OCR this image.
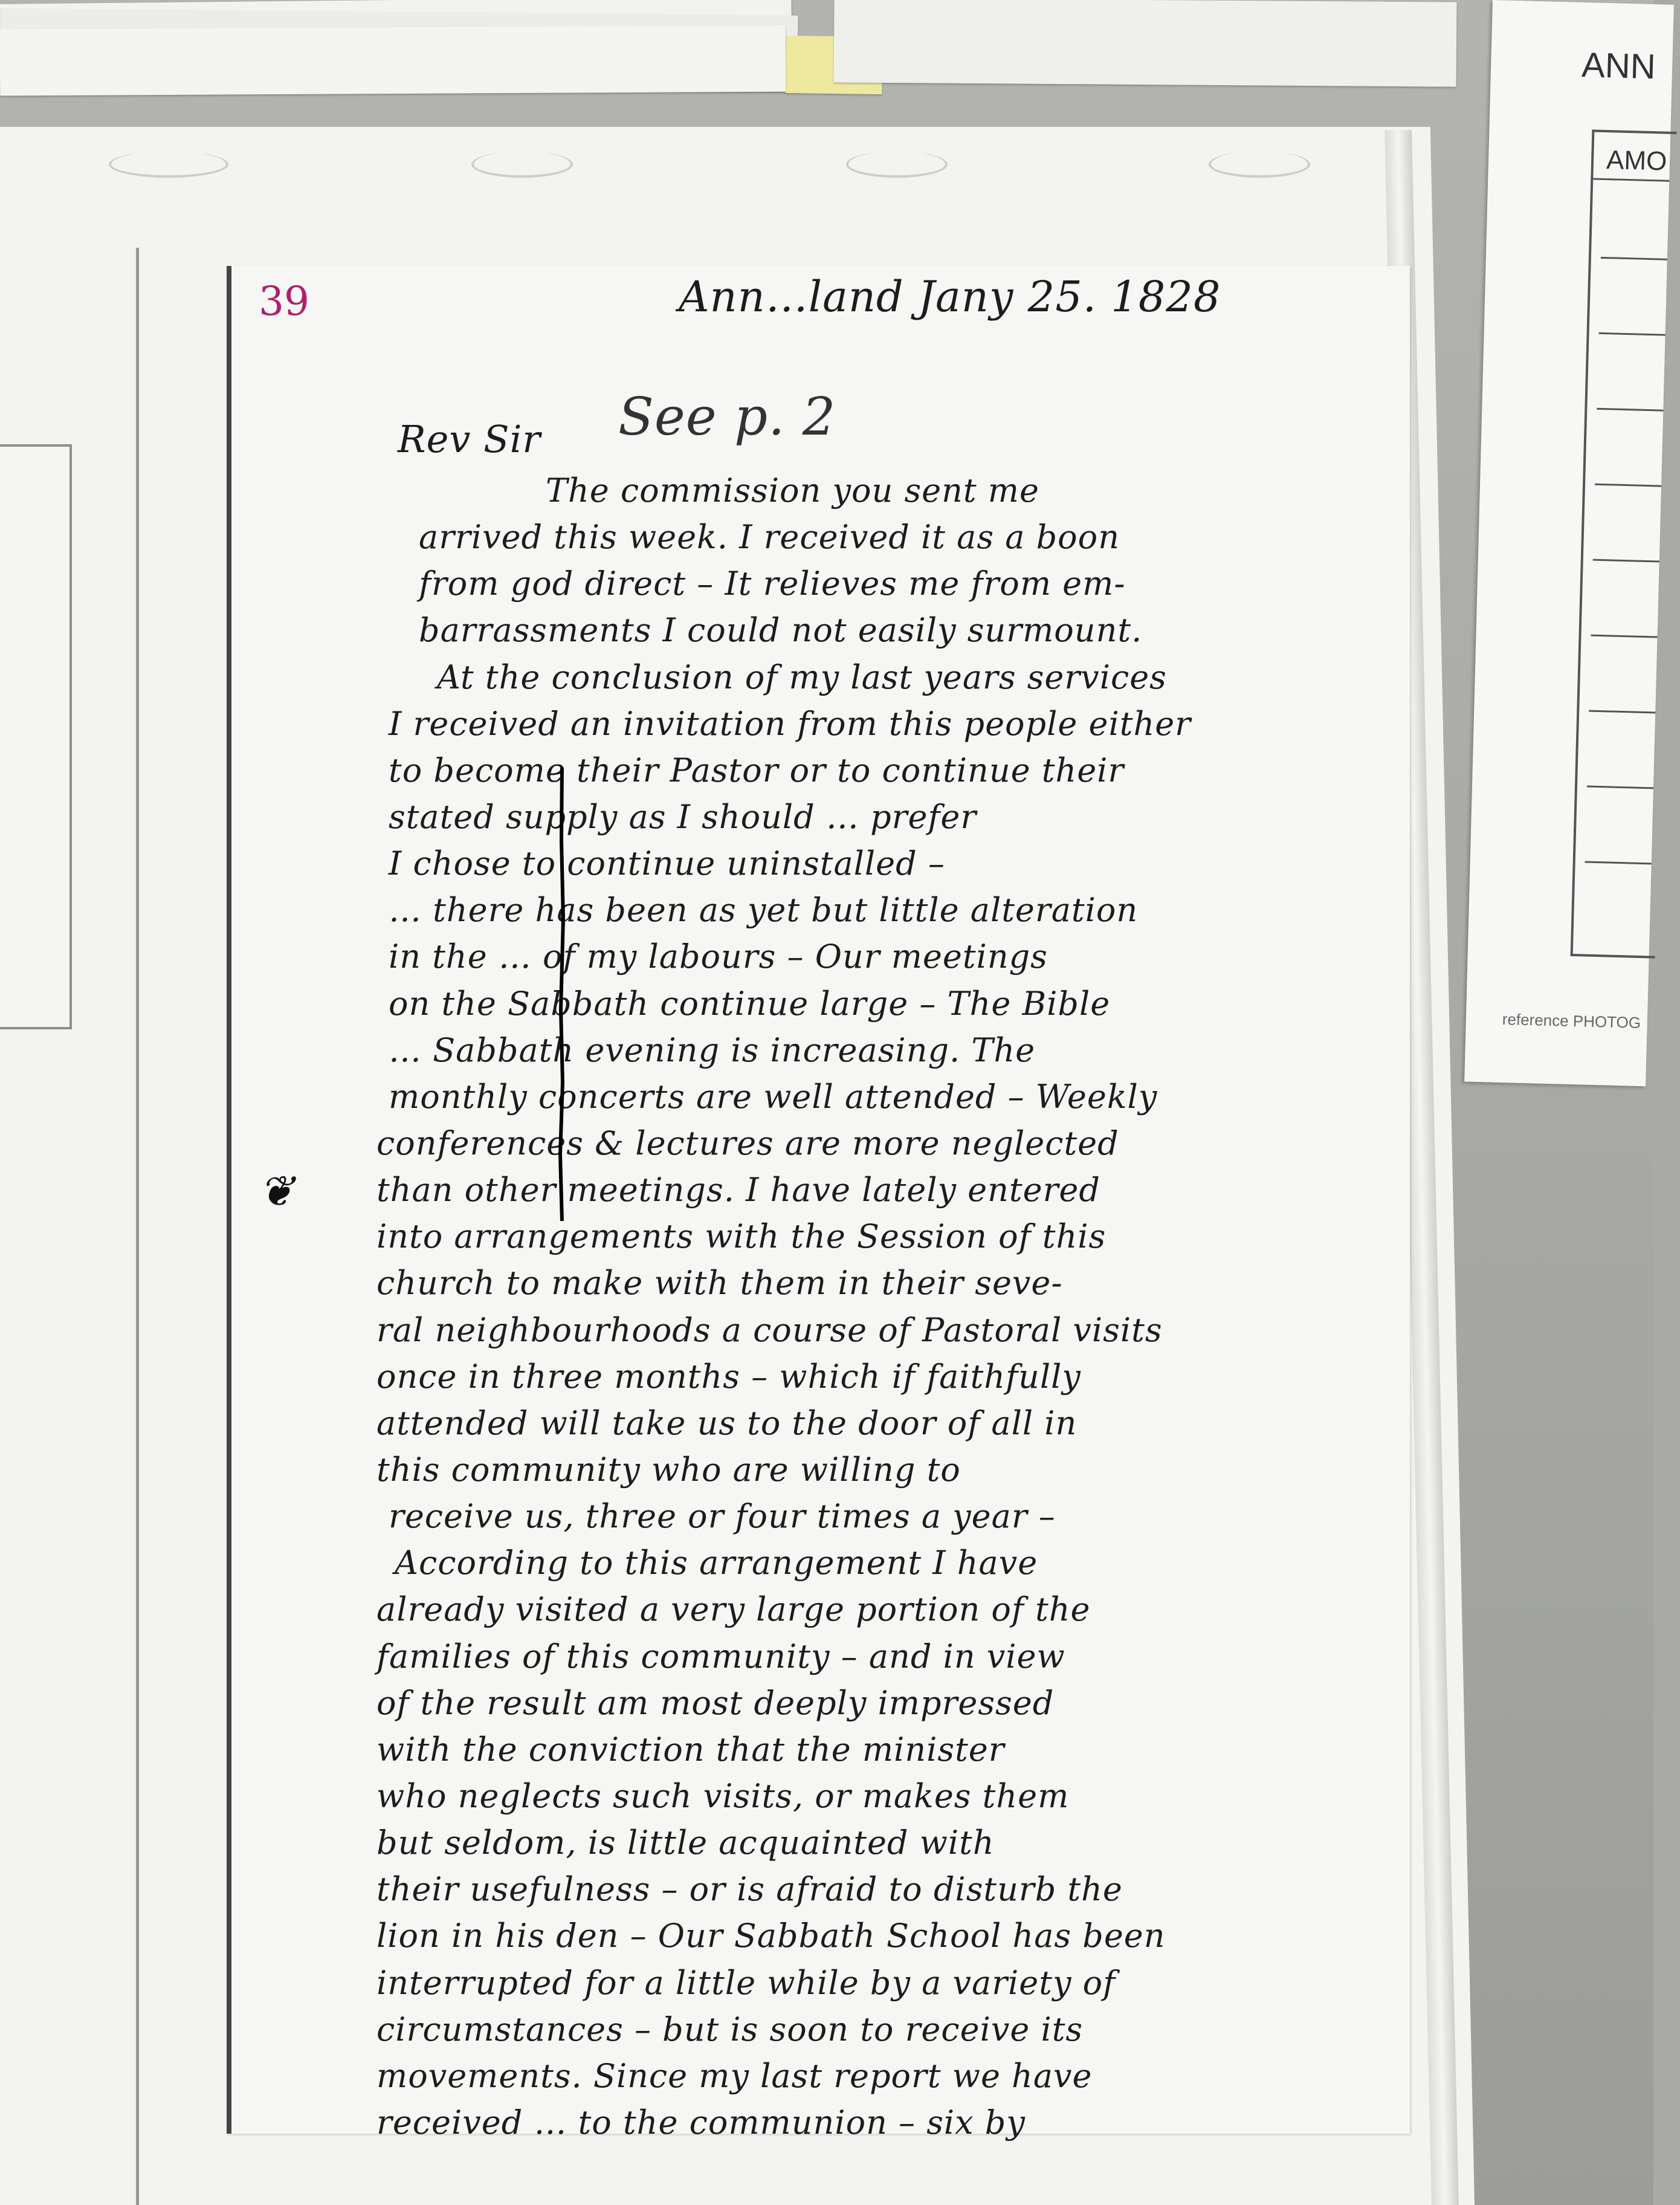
ANN
AMO
reference PHOTOG
39	Ann…land Jany 25. 1828
See p. 2
Rev Sir
The commission you sent me
arrived this week. I received it as a boon
from god direct – It relieves me from em-
barrassments I could not easily surmount.
At the conclusion of my last years services
I received an invitation from this people either
to become their Pastor or to continue their
stated supply as I should … prefer
I chose to continue uninstalled –
… there has been as yet but little alteration
in the … of my labours – Our meetings
on the Sabbath continue large – The Bible
… Sabbath evening is increasing. The
monthly concerts are well attended – Weekly
conferences & lectures are more neglected
than other meetings. I have lately entered
into arrangements with the Session of this
church to make with them in their seve-
ral neighbourhoods a course of Pastoral visits
once in three months – which if faithfully
attended will take us to the door of all in
this community who are willing to
receive us, three or four times a year –
According to this arrangement I have
already visited a very large portion of the
families of this community – and in view
of the result am most deeply impressed
with the conviction that the minister
who neglects such visits, or makes them
but seldom, is little acquainted with
their usefulness – or is afraid to disturb the
❦
lion in his den – Our Sabbath School has been
interrupted for a little while by a variety of
circumstances – but is soon to receive its
movements. Since my last report we have
received … to the communion – six by
